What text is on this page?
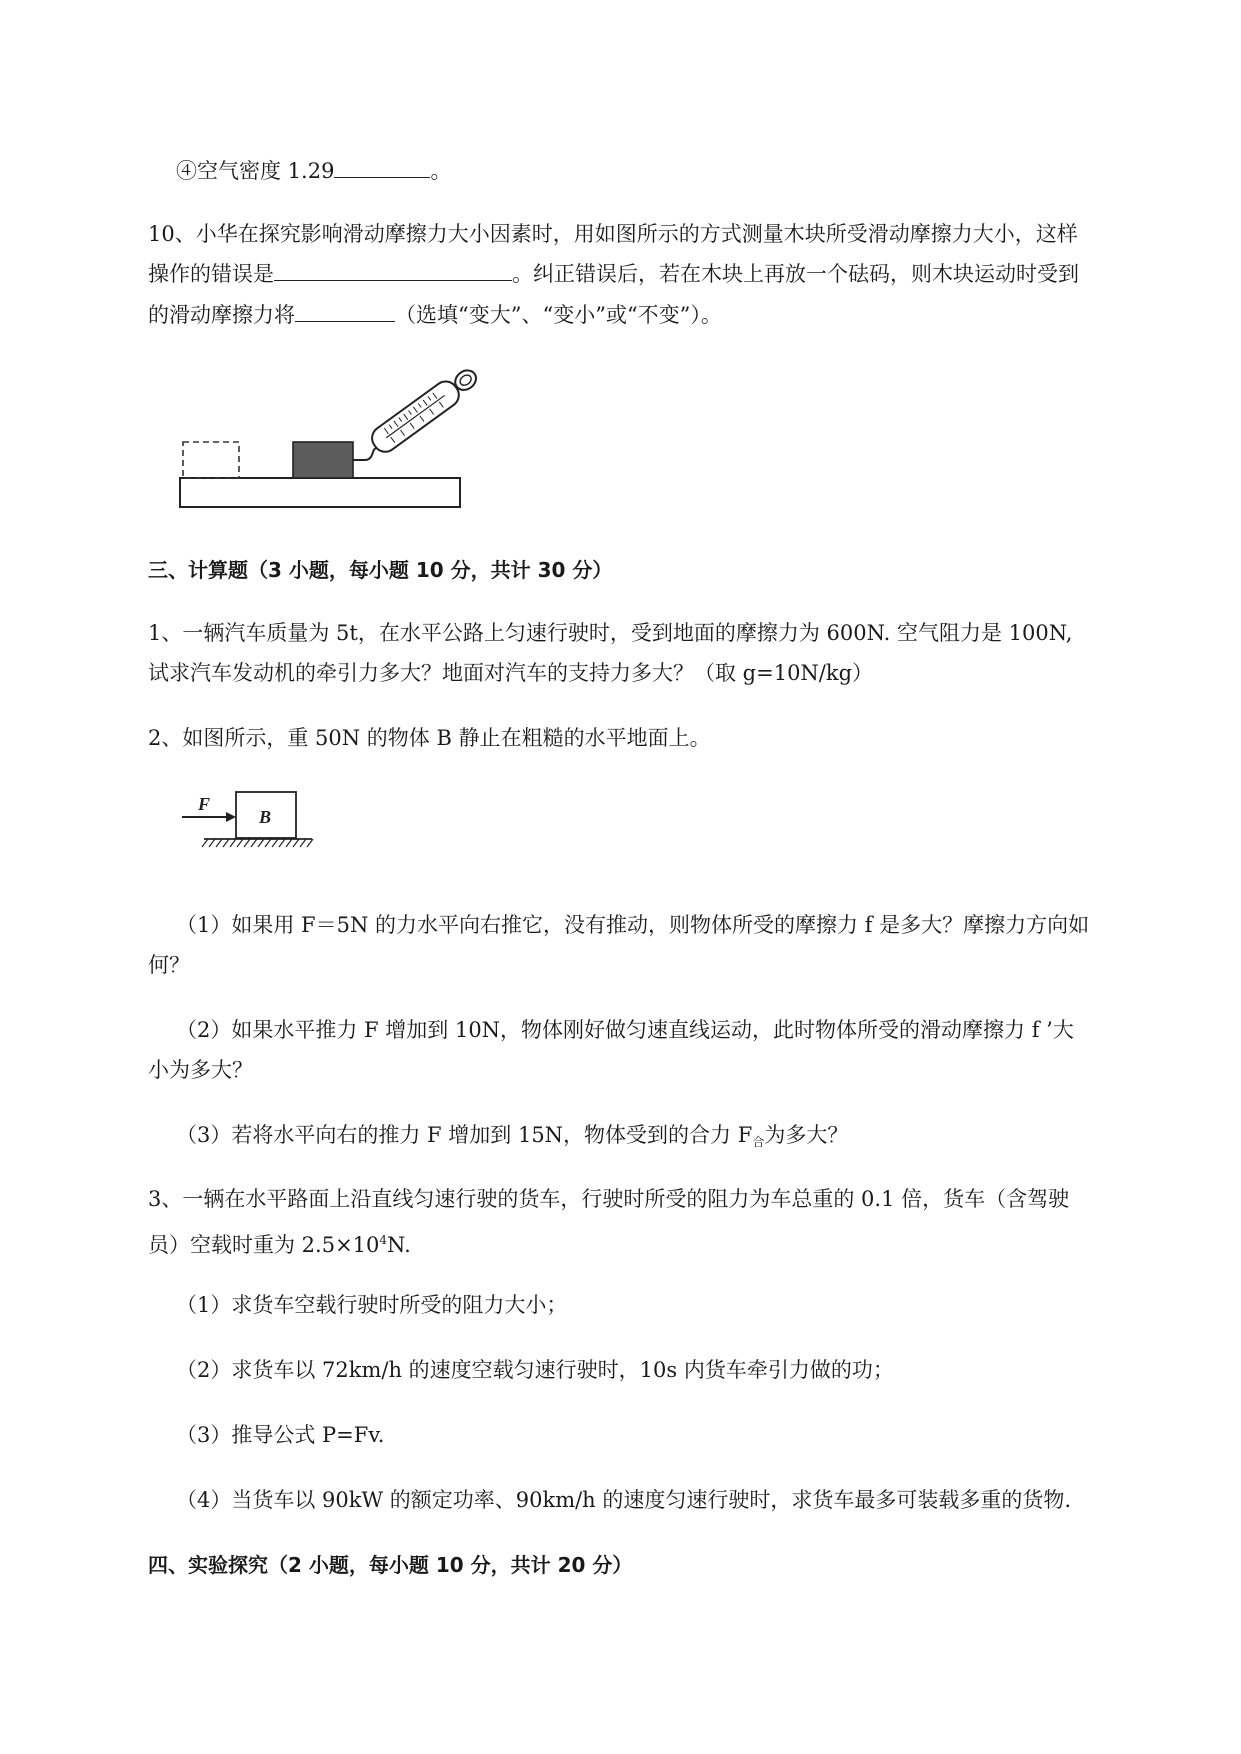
④空气密度 1.29	。
10、小华在探究影响滑动摩擦力大小因素时，用如图所示的方式测量木块所受滑动摩擦力大小，这样
操作的错误是	。纠正错误后，若在木块上再放一个砝码，则木块运动时受到
的滑动摩擦力将	（选填“变大”、“变小”或“不变”）。
三、计算题（3 小题，每小题 10 分，共计 30 分）
1、一辆汽车质量为 5t，在水平公路上匀速行驶时，受到地面的摩擦力为 600N. 空气阻力是 100N,
试求汽车发动机的牵引力多大？地面对汽车的支持力多大？（取 g=10N/kg）
2、如图所示，重 50N 的物体 B 静止在粗糙的水平地面上。
F
B
（1）如果用 F＝5N 的力水平向右推它，没有推动，则物体所受的摩擦力 f 是多大？摩擦力方向如
何？
（2）如果水平推力 F 增加到 10N，物体刚好做匀速直线运动，此时物体所受的滑动摩擦力 f ’大
小为多大？
（3）若将水平向右的推力 F 增加到 15N，物体受到的合力 $F_合$为多大？
3、一辆在水平路面上沿直线匀速行驶的货车，行驶时所受的阻力为车总重的 0.1 倍，货车（含驾驶
员）空载时重为 $2.5\times 10^4N$.
（1）求货车空载行驶时所受的阻力大小；
（2）求货车以 72km/h 的速度空载匀速行驶时，10s 内货车牵引力做的功；
（3）推导公式 P=Fv.
（4）当货车以 90kW 的额定功率、90km/h 的速度匀速行驶时，求货车最多可装载多重的货物.
四、实验探究（2 小题，每小题 10 分，共计 20 分）
